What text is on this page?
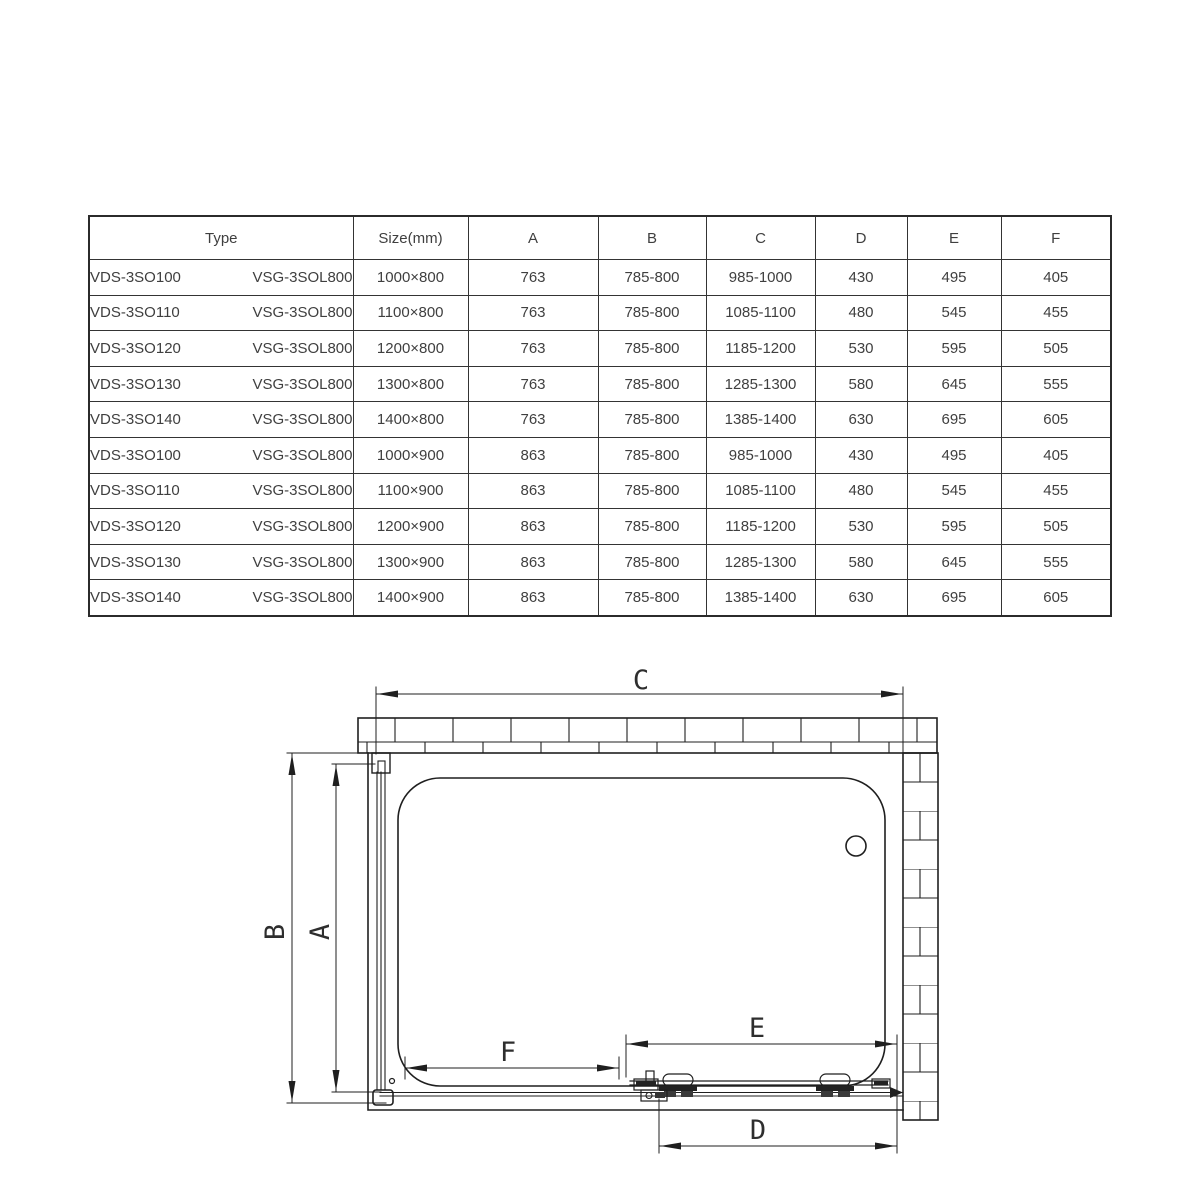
Type	Size(mm)	A	B	C	D	E	F

VDS-3SO100 VSG-3SOL800	1000×800	763	785-800	985-1000	430	495	405

VDS-3SO110 VSG-3SOL800	1100×800	763	785-800	1085-1100	480	545	455

VDS-3SO120 VSG-3SOL800	1200×800	763	785-800	1185-1200	530	595	505

VDS-3SO130 VSG-3SOL800	1300×800	763	785-800	1285-1300	580	645	555

VDS-3SO140 VSG-3SOL800	1400×800	763	785-800	1385-1400	630	695	605

VDS-3SO100 VSG-3SOL800	1000×900	863	785-800	985-1000	430	495	405

VDS-3SO110 VSG-3SOL800	1100×900	863	785-800	1085-1100	480	545	455

VDS-3SO120 VSG-3SOL800	1200×900	863	785-800	1185-1200	530	595	505

VDS-3SO130 VSG-3SOL800	1300×900	863	785-800	1285-1300	580	645	555

VDS-3SO140 VSG-3SOL800	1400×900	863	785-800	1385-1400	630	695	605
C
B A
F
E
D
